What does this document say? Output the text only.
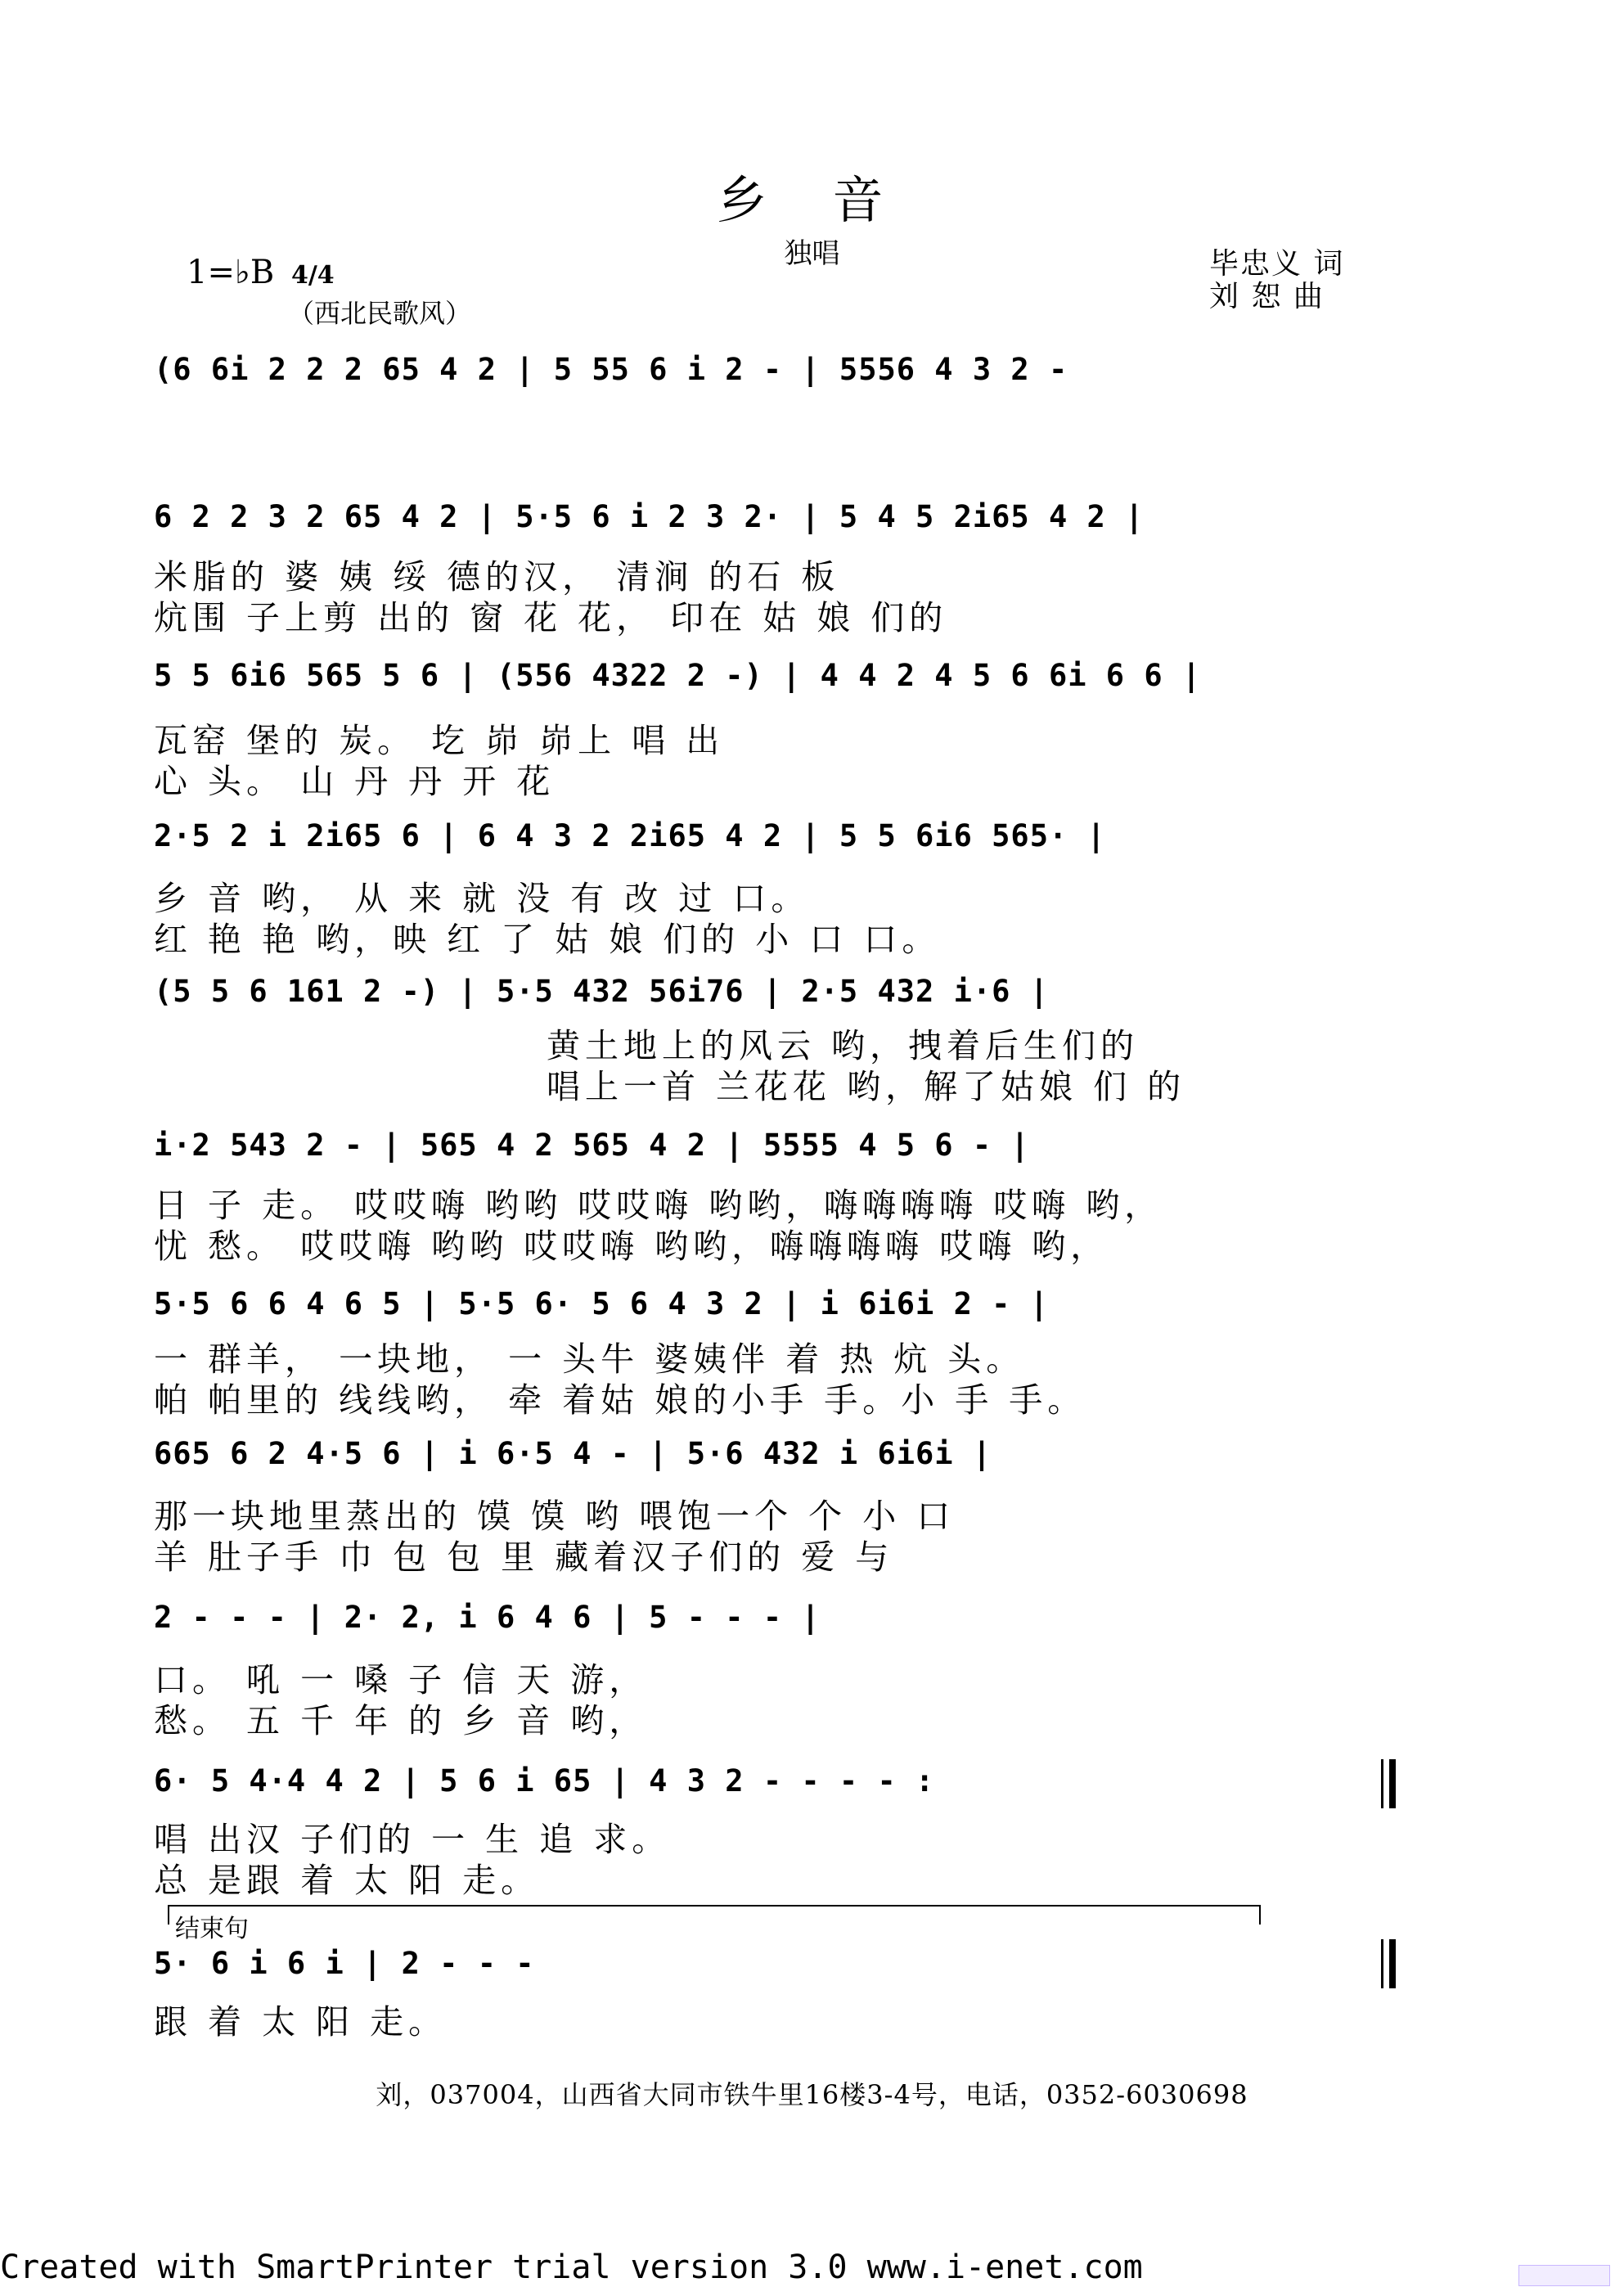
乡 音
独唱
1=♭B 4/4
（西北民歌风）
毕忠义 词
刘 恕 曲
(6 6i 2 2 2 65 4 2 | 5 55 6 i 2 - | 5556 4 3 2 -
6 2 2 3 2 65 4 2 | 5·5 6 i 2 3 2· | 5 4 5 2i65 4 2 |
米脂的 婆 姨 绥 德的汉， 清涧 的石 板
炕围 子上剪 出的 窗 花 花， 印在 姑 娘 们的
5 5 6i6 565 5 6 | (556 4322 2 -) | 4 4 2 4 5 6 6i 6 6 |
瓦窑 堡的 炭。 圪 峁 峁上 唱 出
心 头。 山 丹 丹 开 花
2·5 2 i 2i65 6 | 6 4 3 2 2i65 4 2 | 5 5 6i6 565· |
乡 音 哟， 从 来 就 没 有 改 过 口。
红 艳 艳 哟，映 红 了 姑 娘 们的 小 口 口。
(5 5 6 161 2 -) | 5·5 432 56i76 | 2·5 432 i·6 |
黄土地上的风云 哟，拽着后生们的
唱上一首 兰花花 哟，解了姑娘 们 的
i·2 543 2 - | 565 4 2 565 4 2 | 5555 4 5 6 - |
日 子 走。 哎哎嗨 哟哟 哎哎嗨 哟哟，嗨嗨嗨嗨 哎嗨 哟，
忧 愁。 哎哎嗨 哟哟 哎哎嗨 哟哟，嗨嗨嗨嗨 哎嗨 哟，
5·5 6 6 4 6 5 | 5·5 6· 5 6 4 3 2 | i 6i6i 2 - |
一 群羊， 一块地， 一 头牛 婆姨伴 着 热 炕 头。
帕 帕里的 线线哟， 牵 着姑 娘的小手 手。小 手 手。
665 6 2 4·5 6 | i 6·5 4 - | 5·6 432 i 6i6i |
那一块地里蒸出的 馍 馍 哟 喂饱一个 个 小 口
羊 肚子手 巾 包 包 里 藏着汉子们的 爱 与
2 - - - | 2· 2, i 6 4 6 | 5 - - - |
口。 吼 一 嗓 子 信 天 游，
愁。 五 千 年 的 乡 音 哟，
6· 5 4·4 4 2 | 5 6 i 65 | 4 3 2 - - - - :
唱 出汉 子们的 一 生 追 求。
总 是跟 着 太 阳 走。
结束句
5· 6 i 6 i | 2 - - -
跟 着 太 阳 走。
刘，037004，山西省大同市铁牛里16楼3-4号，电话，0352-6030698
Created with SmartPrinter trial version 3.0 www.i-enet.com
